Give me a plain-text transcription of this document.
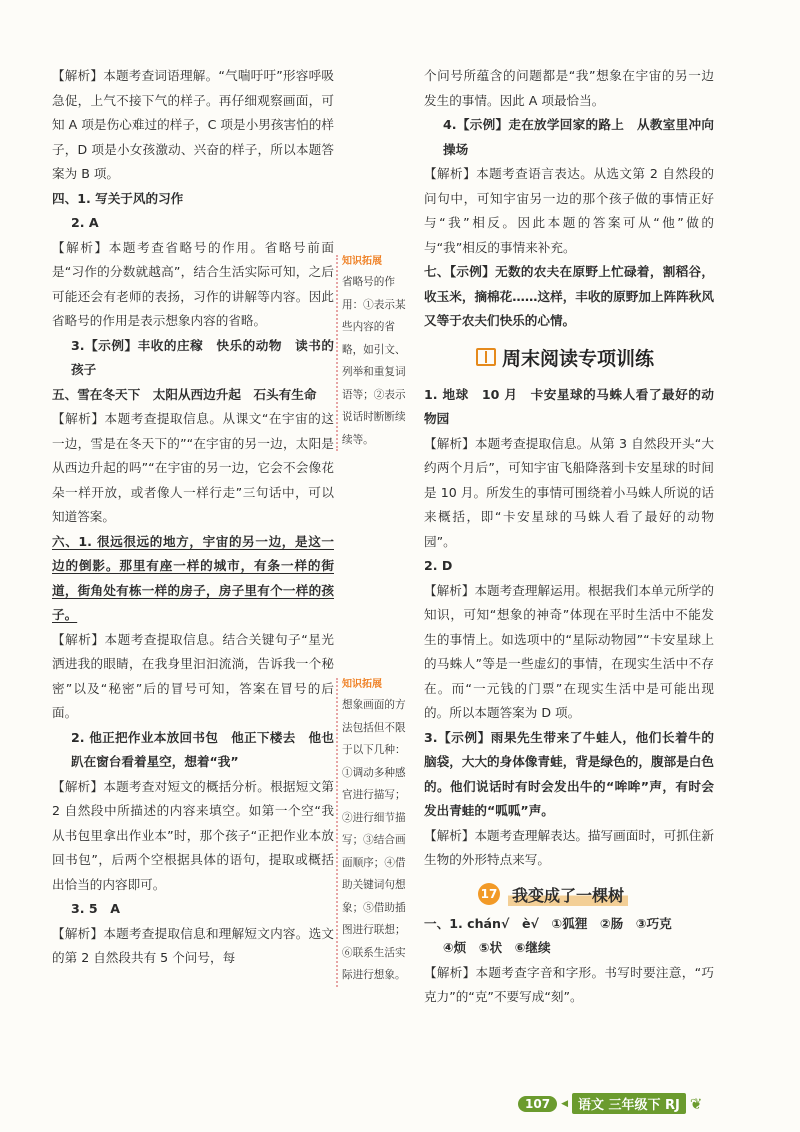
【解析】本题考查词语理解。“气喘吁吁”形容呼吸急促，上气不接下气的样子。再仔细观察画面，可知 A 项是伤心难过的样子，C 项是小男孩害怕的样子，D 项是小女孩激动、兴奋的样子，所以本题答案为 B 项。

四、1. 写关于风的习作

2. A

【解析】本题考查省略号的作用。省略号前面是“习作的分数就越高”，结合生活实际可知，之后可能还会有老师的表扬，习作的讲解等内容。因此省略号的作用是表示想象内容的省略。

3.【示例】丰收的庄稼　快乐的动物　读书的孩子

五、雪在冬天下　太阳从西边升起　石头有生命

【解析】本题考查提取信息。从课文“在宇宙的这一边，雪是在冬天下的”“在宇宙的另一边，太阳是从西边升起的吗”“在宇宙的另一边，它会不会像花朵一样开放，或者像人一样行走”三句话中，可以知道答案。

六、1. 很远很远的地方，宇宙的另一边，是这一边的倒影。那里有座一样的城市，有条一样的街道，街角处有栋一样的房子，房子里有个一样的孩子。

【解析】本题考查提取信息。结合关键句子“星光洒进我的眼睛，在我身里汩汩流淌，告诉我一个秘密”以及“秘密”后的冒号可知，答案在冒号的后面。

2. 他正把作业本放回书包　他正下楼去　他也趴在窗台看着星空，想着“我”

【解析】本题考查对短文的概括分析。根据短文第 2 自然段中所描述的内容来填空。如第一个空“我从书包里拿出作业本”时，那个孩子“正把作业本放回书包”，后两个空根据具体的语句，提取或概括出恰当的内容即可。

3. 5　A

【解析】本题考查提取信息和理解短文内容。选文的第 2 自然段共有 5 个问号，每

知识拓展

省略号的作用：①表示某些内容的省略，如引文、列举和重复词语等；②表示说话时断断续续等。

知识拓展

想象画面的方法包括但不限于以下几种：①调动多种感官进行描写；②进行细节描写；③结合画面顺序；④借助关键词句想象；⑤借助插图进行联想；⑥联系生活实际进行想象。

个问号所蕴含的问题都是“我”想象在宇宙的另一边发生的事情。因此 A 项最恰当。

4.【示例】走在放学回家的路上　从教室里冲向操场

【解析】本题考查语言表达。从选文第 2 自然段的问句中，可知宇宙另一边的那个孩子做的事情正好与“我”相反。因此本题的答案可从“他”做的与“我”相反的事情来补充。

七、【示例】无数的农夫在原野上忙碌着，割稻谷，收玉米，摘棉花……这样，丰收的原野加上阵阵秋风又等于农夫们快乐的心情。

周末阅读专项训练

1. 地球　10 月　卡安星球的马蛛人看了最好的动物园

【解析】本题考查提取信息。从第 3 自然段开头“大约两个月后”，可知宇宙飞船降落到卡安星球的时间是 10 月。所发生的事情可围绕着小马蛛人所说的话来概括，即“卡安星球的马蛛人看了最好的动物园”。

2. D

【解析】本题考查理解运用。根据我们本单元所学的知识，可知“想象的神奇”体现在平时生活中不能发生的事情上。如选项中的“星际动物园”“卡安星球上的马蛛人”等是一些虚幻的事情，在现实生活中不存在。而“一元钱的门票”在现实生活中是可能出现的。所以本题答案为 D 项。

3.【示例】雨果先生带来了牛蛙人，他们长着牛的脑袋，大大的身体像青蛙，背是绿色的，腹部是白色的。他们说话时有时会发出牛的“哞哞”声，有时会发出青蛙的“呱呱”声。

【解析】本题考查理解表达。描写画面时，可抓住新生物的外形特点来写。

17 我变成了一棵树

一、1. chán√　è√　①狐狸　②肠　③巧克

④烦　⑤状　⑥继续

【解析】本题考查字音和字形。书写时要注意，“巧克力”的“克”不要写成“刻”。

107	◀ 语文 三年级下 RJ ❦
